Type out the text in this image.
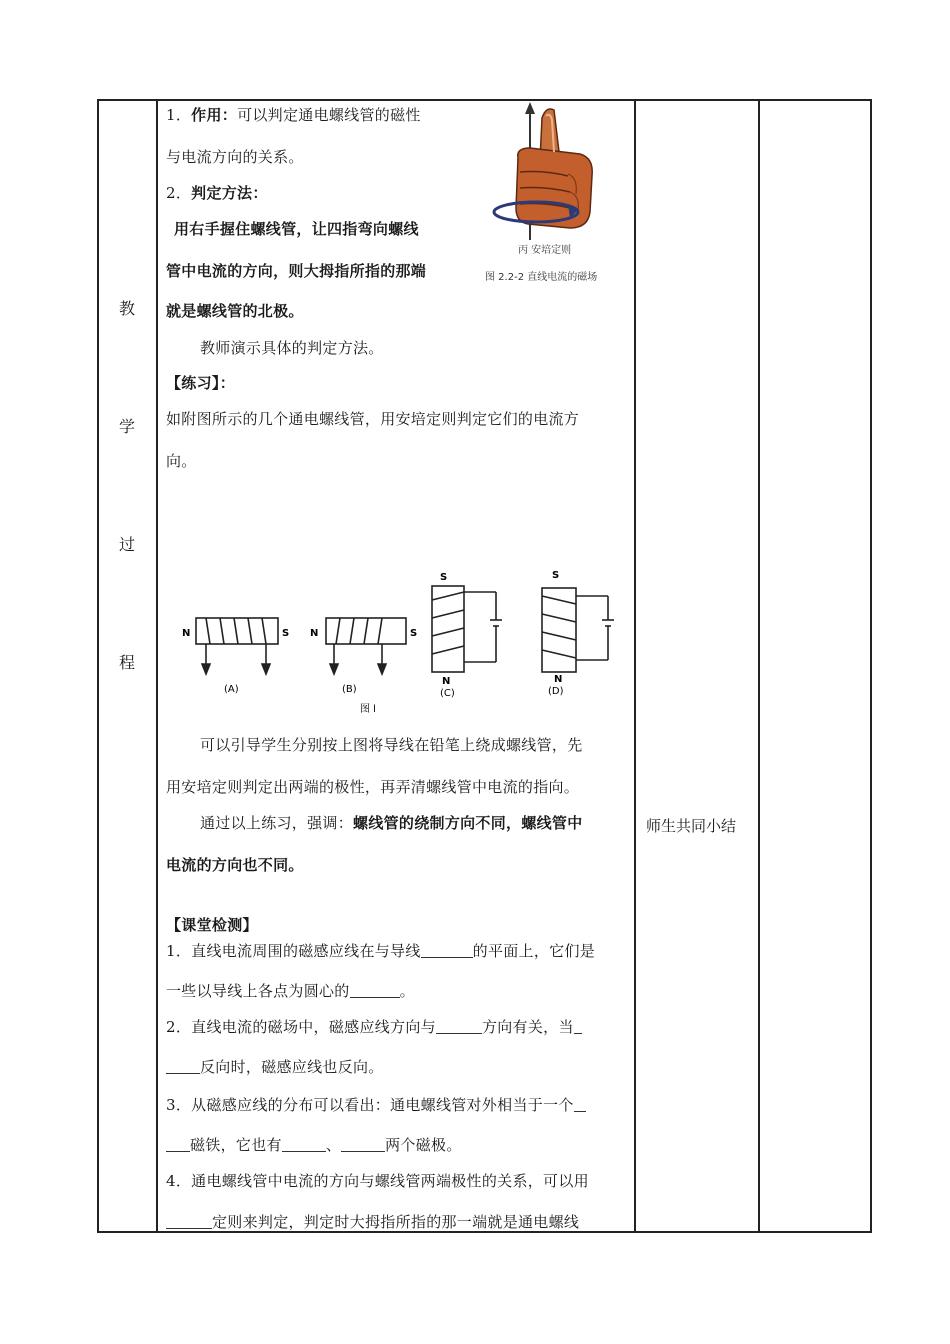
教
学
过
程
师生共同小结
丙 安培定则
图 2.2-2 直线电流的磁场
1．作用：可以判定通电螺线管的磁性
与电流方向的关系。
2．判定方法：
用右手握住螺线管，让四指弯向螺线
管中电流的方向，则大拇指所指的那端
就是螺线管的北极。
教师演示具体的判定方法。
【练习】：
如附图所示的几个通电螺线管，用安培定则判定它们的电流方
向。
可以引导学生分别按上图将导线在铅笔上绕成螺线管，先
用安培定则判定出两端的极性，再弄清螺线管中电流的指向。
通过以上练习，强调：螺线管的绕制方向不同，螺线管中
电流的方向也不同。
【课堂检测】
1．直线电流周围的磁感应线在与导线	的平面上，它们是
一些以导线上各点为圆心的	。
2．直线电流的磁场中，磁感应线方向与	方向有关，当
反向时，磁感应线也反向。
3．从磁感应线的分布可以看出：通电螺线管对外相当于一个
磁铁，它也有	、	两个磁极。
4．通电螺线管中电流的方向与螺线管两端极性的关系，可以用
定则来判定，判定时大拇指所指的那一端就是通电螺线
N	S
(A)
N	S
(B)
图 l
S
N
(C)
S
N
(D)
